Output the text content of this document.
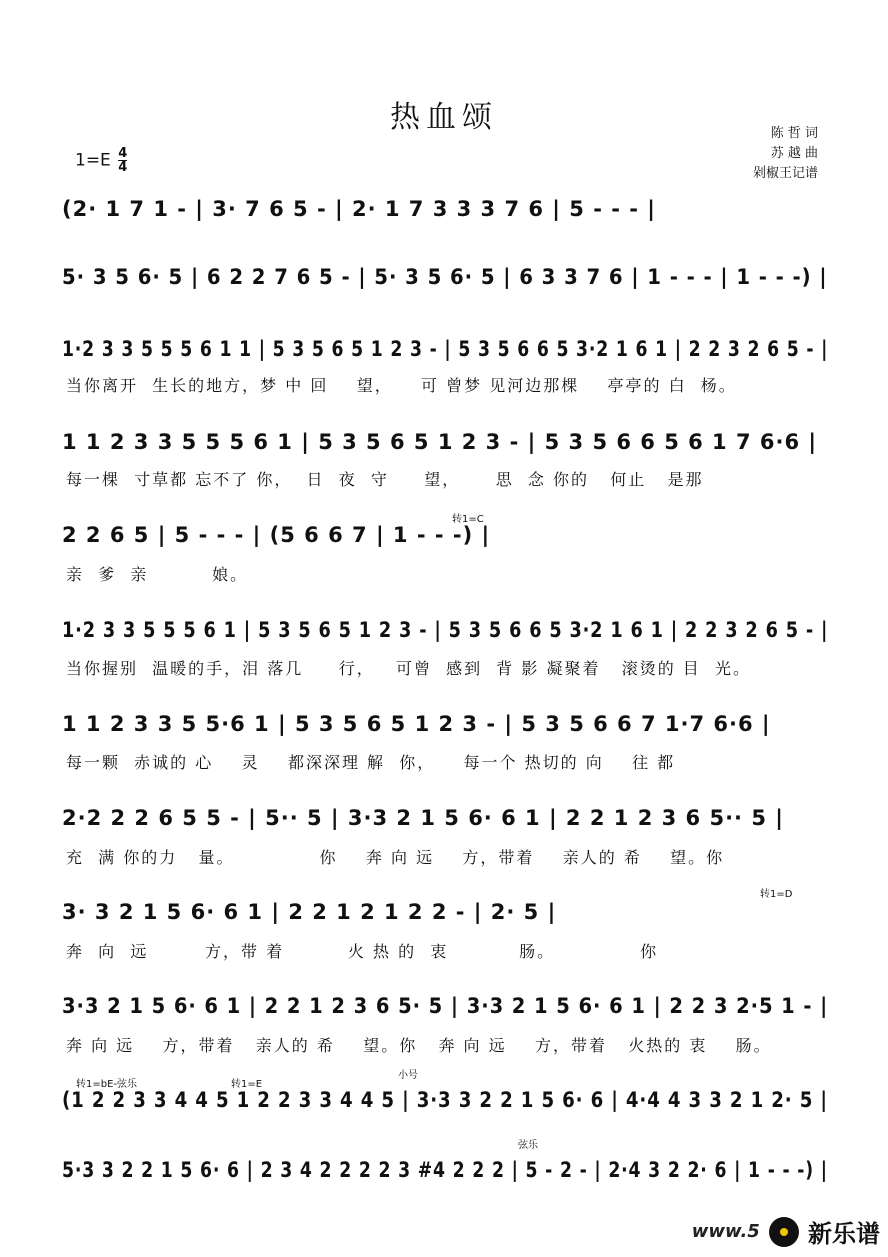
热血颂
$1=E \frac{4}{4}$
陈 哲 词
苏 越 曲
剁椒王记谱
(2· 1 7 1 - | 3· 7 6 5 - | 2· 1 7 3 3 3 7 6 | 5 - - - |
5· 3 5 6· 5 | 6 2 2 7 6 5 - | 5· 3 5 6· 5 | 6 3 3 7 6 | 1 - - - | 1 - - -) |
1·2 3 3 5 5 5 6 1 1 | 5 3 5 6 5 1 2 3 - | 5 3 5 6 6 5 3·2 1 6 1 | 2 2 3 2 6 5 - |
1 1 2 3 3 5 5 5 6 1 | 5 3 5 6 5 1 2 3 - | 5 3 5 6 6 5 6 1 7 6·6 |
2 2 6 5 | 5 - - - | (5 6 6 7 | 1 - - -) |
1·2 3 3 5 5 5 6 1 | 5 3 5 6 5 1 2 3 - | 5 3 5 6 6 5 3·2 1 6 1 | 2 2 3 2 6 5 - |
1 1 2 3 3 5 5·6 1 | 5 3 5 6 5 1 2 3 - | 5 3 5 6 6 7 1·7 6·6 |
2·2 2 2 6 5 5 - | 5·· 5 | 3·3 2 1 5 6· 6 1 | 2 2 1 2 3 6 5·· 5 |
3· 3 2 1 5 6· 6 1 | 2 2 1 2 1 2 2 - | 2· 5 |
3·3 2 1 5 6· 6 1 | 2 2 1 2 3 6 5· 5 | 3·3 2 1 5 6· 6 1 | 2 2 3 2·5 1 - |
(1 2 2 3 3 4 4 5 1 2 2 3 3 4 4 5 | 3·3 3 2 2 1 5 6· 6 | 4·4 4 3 3 2 1 2· 5 |
5·3 3 2 2 1 5 6· 6 | 2 3 4 2 2 2 2 3 #4 2 2 2 | 5 - 2 - | 2·4 3 2 2· 6 | 1 - - -) |
当你离开  生长的地方，梦 中 回    望，    可 曾梦 见河边那棵    亭亭的 白  杨。
每一棵  寸草都 忘不了 你，  日  夜  守     望，     思  念 你的   何止   是那
亲  爹  亲         娘。
当你握别  温暖的手，泪 落几     行，   可曾  感到  背 影 凝聚着   滚烫的 目  光。
每一颗  赤诚的 心    灵    都深深理 解  你，    每一个 热切的 向    往 都
充  满 你的力   量。            你    奔 向 远    方，带着    亲人的 希    望。你
奔  向  远        方，带 着         火 热 的  衷          肠。            你
奔 向 远    方，带着   亲人的 希    望。你   奔 向 远    方，带着   火热的 衷    肠。
转1=C
转1=D
转1=bE-弦乐	转1=E
小号
弦乐
www.5 新乐谱
